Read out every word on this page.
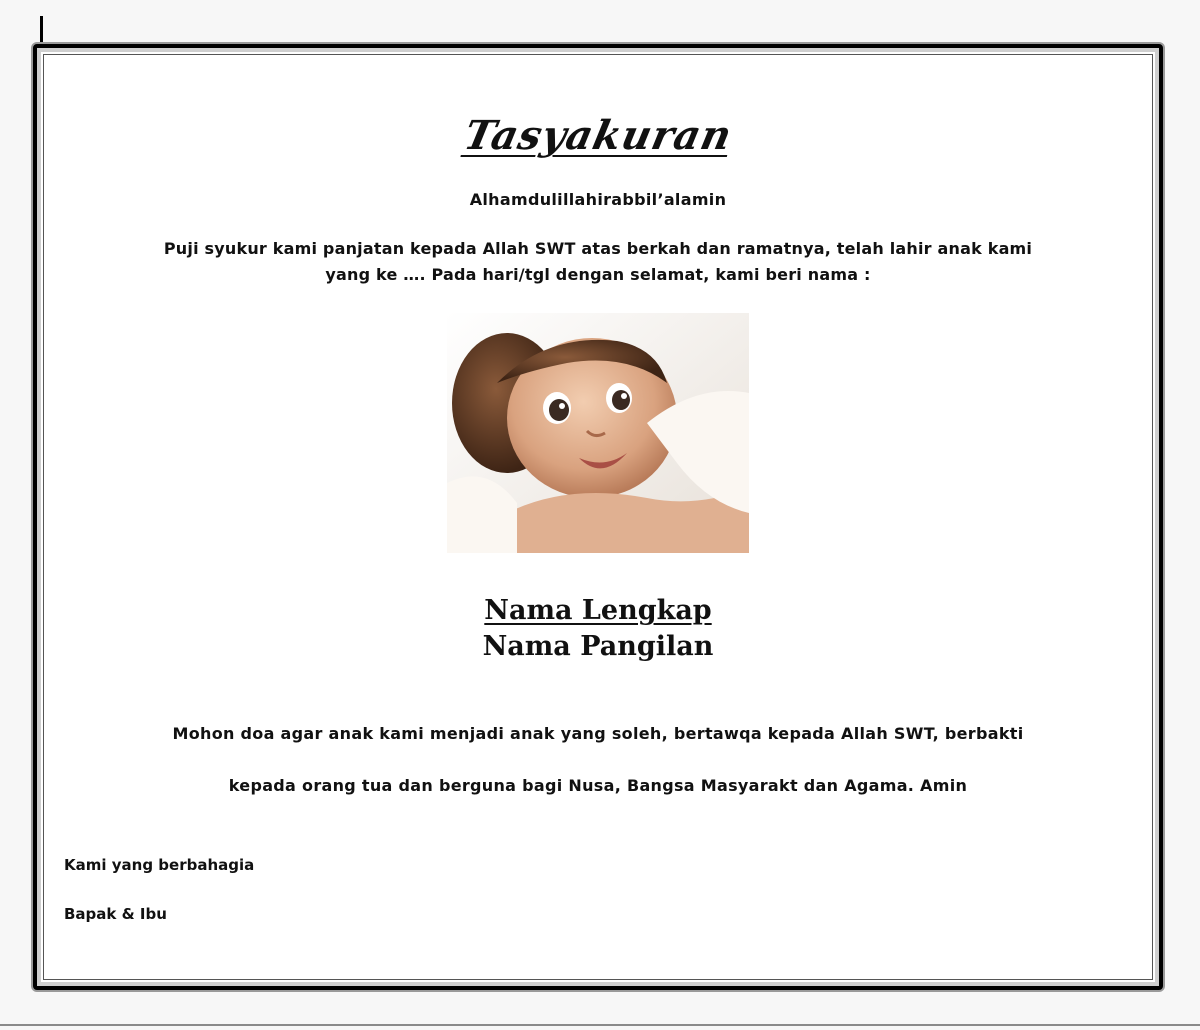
Tasyakuran
Alhamdulillahirabbil’alamin
Puji syukur kami panjatan kepada Allah SWT atas berkah dan ramatnya, telah lahir anak kami
yang ke …. Pada hari/tgl dengan selamat, kami beri nama :
Nama Lengkap
Nama Pangilan
Mohon doa agar anak kami menjadi anak yang soleh, bertawqa kepada Allah SWT, berbakti
kepada orang tua dan berguna bagi Nusa, Bangsa Masyarakt dan Agama. Amin
Kami yang berbahagia
Bapak & Ibu
